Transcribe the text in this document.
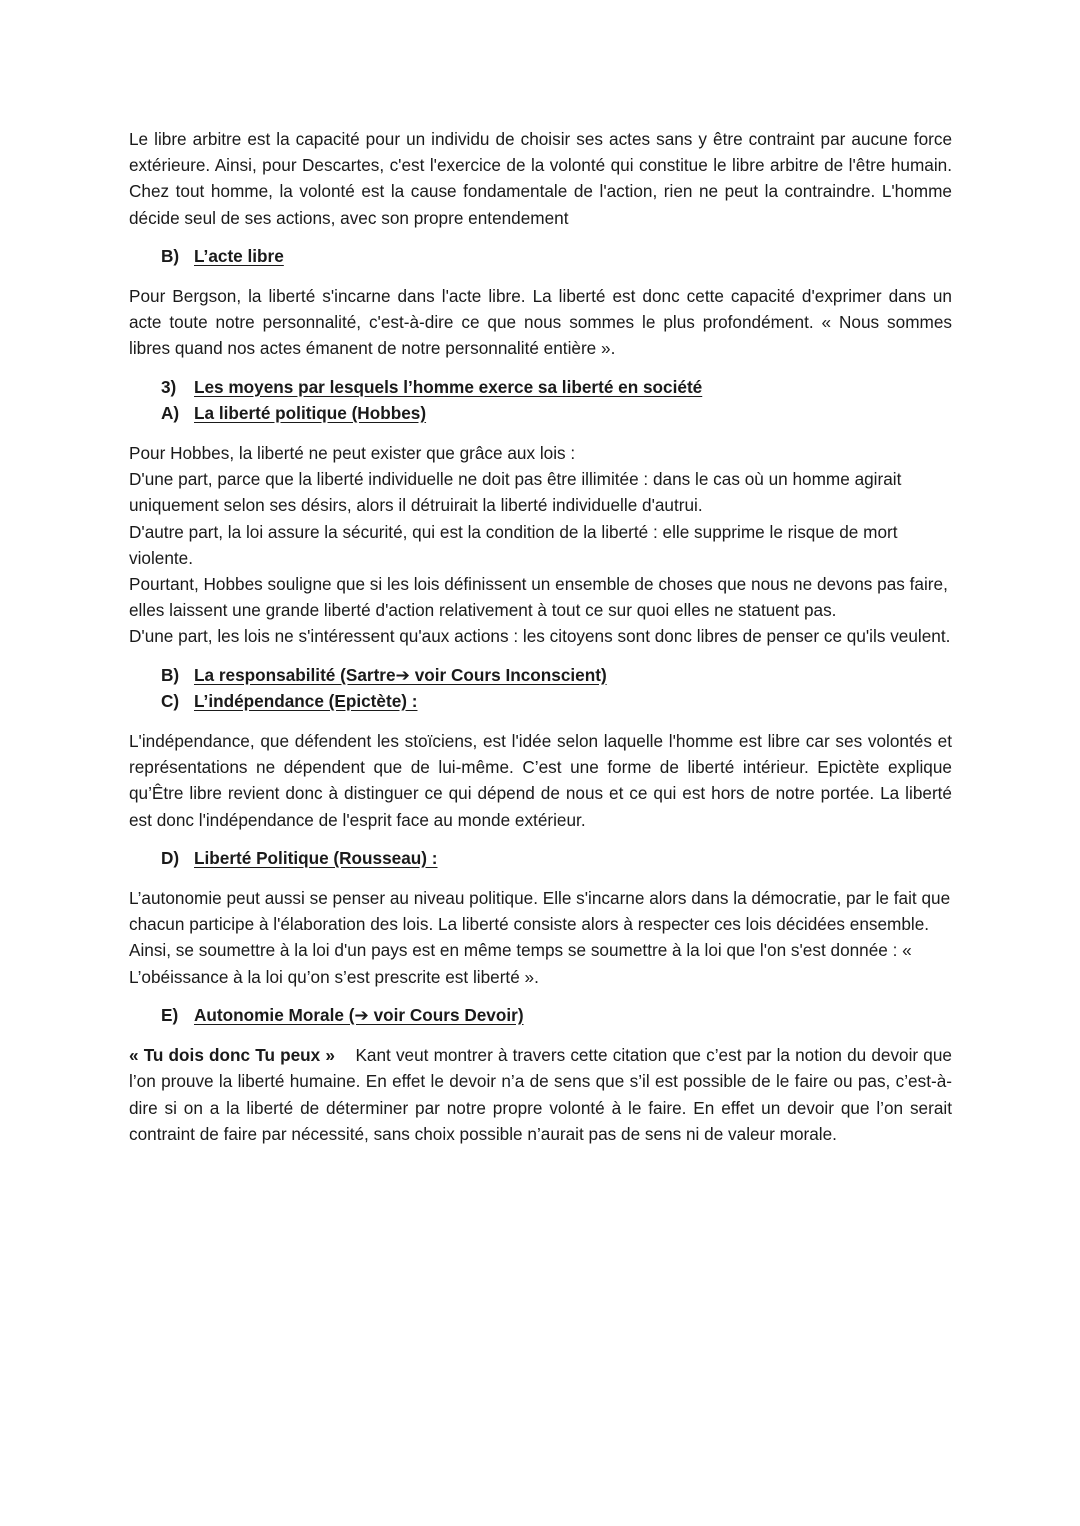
Le libre arbitre est la capacité pour un individu de choisir ses actes sans y être contraint par aucune force extérieure. Ainsi, pour Descartes, c'est l'exercice de la volonté qui constitue le libre arbitre de l'être humain. Chez tout homme, la volonté est la cause fondamentale de l'action, rien ne peut la contraindre. L'homme décide seul de ses actions, avec son propre entendement

B) L’acte libre

Pour Bergson, la liberté s'incarne dans l'acte libre. La liberté est donc cette capacité d'exprimer dans un acte toute notre personnalité, c'est-à-dire ce que nous sommes le plus profondément. « Nous sommes libres quand nos actes émanent de notre personnalité entière ».

3)	Les moyens par lesquels l’homme exerce sa liberté en société
A) La liberté politique (Hobbes)

Pour Hobbes, la liberté ne peut exister que grâce aux lois :

D'une part, parce que la liberté individuelle ne doit pas être illimitée : dans le cas où un homme agirait uniquement selon ses désirs, alors il détruirait la liberté individuelle d'autrui.

D'autre part, la loi assure la sécurité, qui est la condition de la liberté : elle supprime le risque de mort violente.

Pourtant, Hobbes souligne que si les lois définissent un ensemble de choses que nous ne devons pas faire, elles laissent une grande liberté d'action relativement à tout ce sur quoi elles ne statuent pas.

D'une part, les lois ne s'intéressent qu'aux actions : les citoyens sont donc libres de penser ce qu'ils veulent.

B) La responsabilité (Sartre➔ voir Cours Inconscient)
C) L’indépendance (Epictète) :

L'indépendance, que défendent les stoïciens, est l'idée selon laquelle l'homme est libre car ses volontés et représentations ne dépendent que de lui-même. C’est une forme de liberté intérieur. Epictète explique qu’Être libre revient donc à distinguer ce qui dépend de nous et ce qui est hors de notre portée. La liberté est donc l'indépendance de l'esprit face au monde extérieur.

D) Liberté Politique (Rousseau) :

L’autonomie peut aussi se penser au niveau politique. Elle s'incarne alors dans la démocratie, par le fait que chacun participe à l'élaboration des lois. La liberté consiste alors à respecter ces lois décidées ensemble. Ainsi, se soumettre à la loi d'un pays est en même temps se soumettre à la loi que l'on s'est donnée : « L’obéissance à la loi qu’on s’est prescrite est liberté ».

E) Autonomie Morale (➔ voir Cours Devoir)

« Tu dois donc Tu peux » Kant veut montrer à travers cette citation que c’est par la notion du devoir que l’on prouve la liberté humaine. En effet le devoir n’a de sens que s’il est possible de le faire ou pas, c’est-à-dire si on a la liberté de déterminer par notre propre volonté à le faire. En effet un devoir que l’on serait contraint de faire par nécessité, sans choix possible n’aurait pas de sens ni de valeur morale.
